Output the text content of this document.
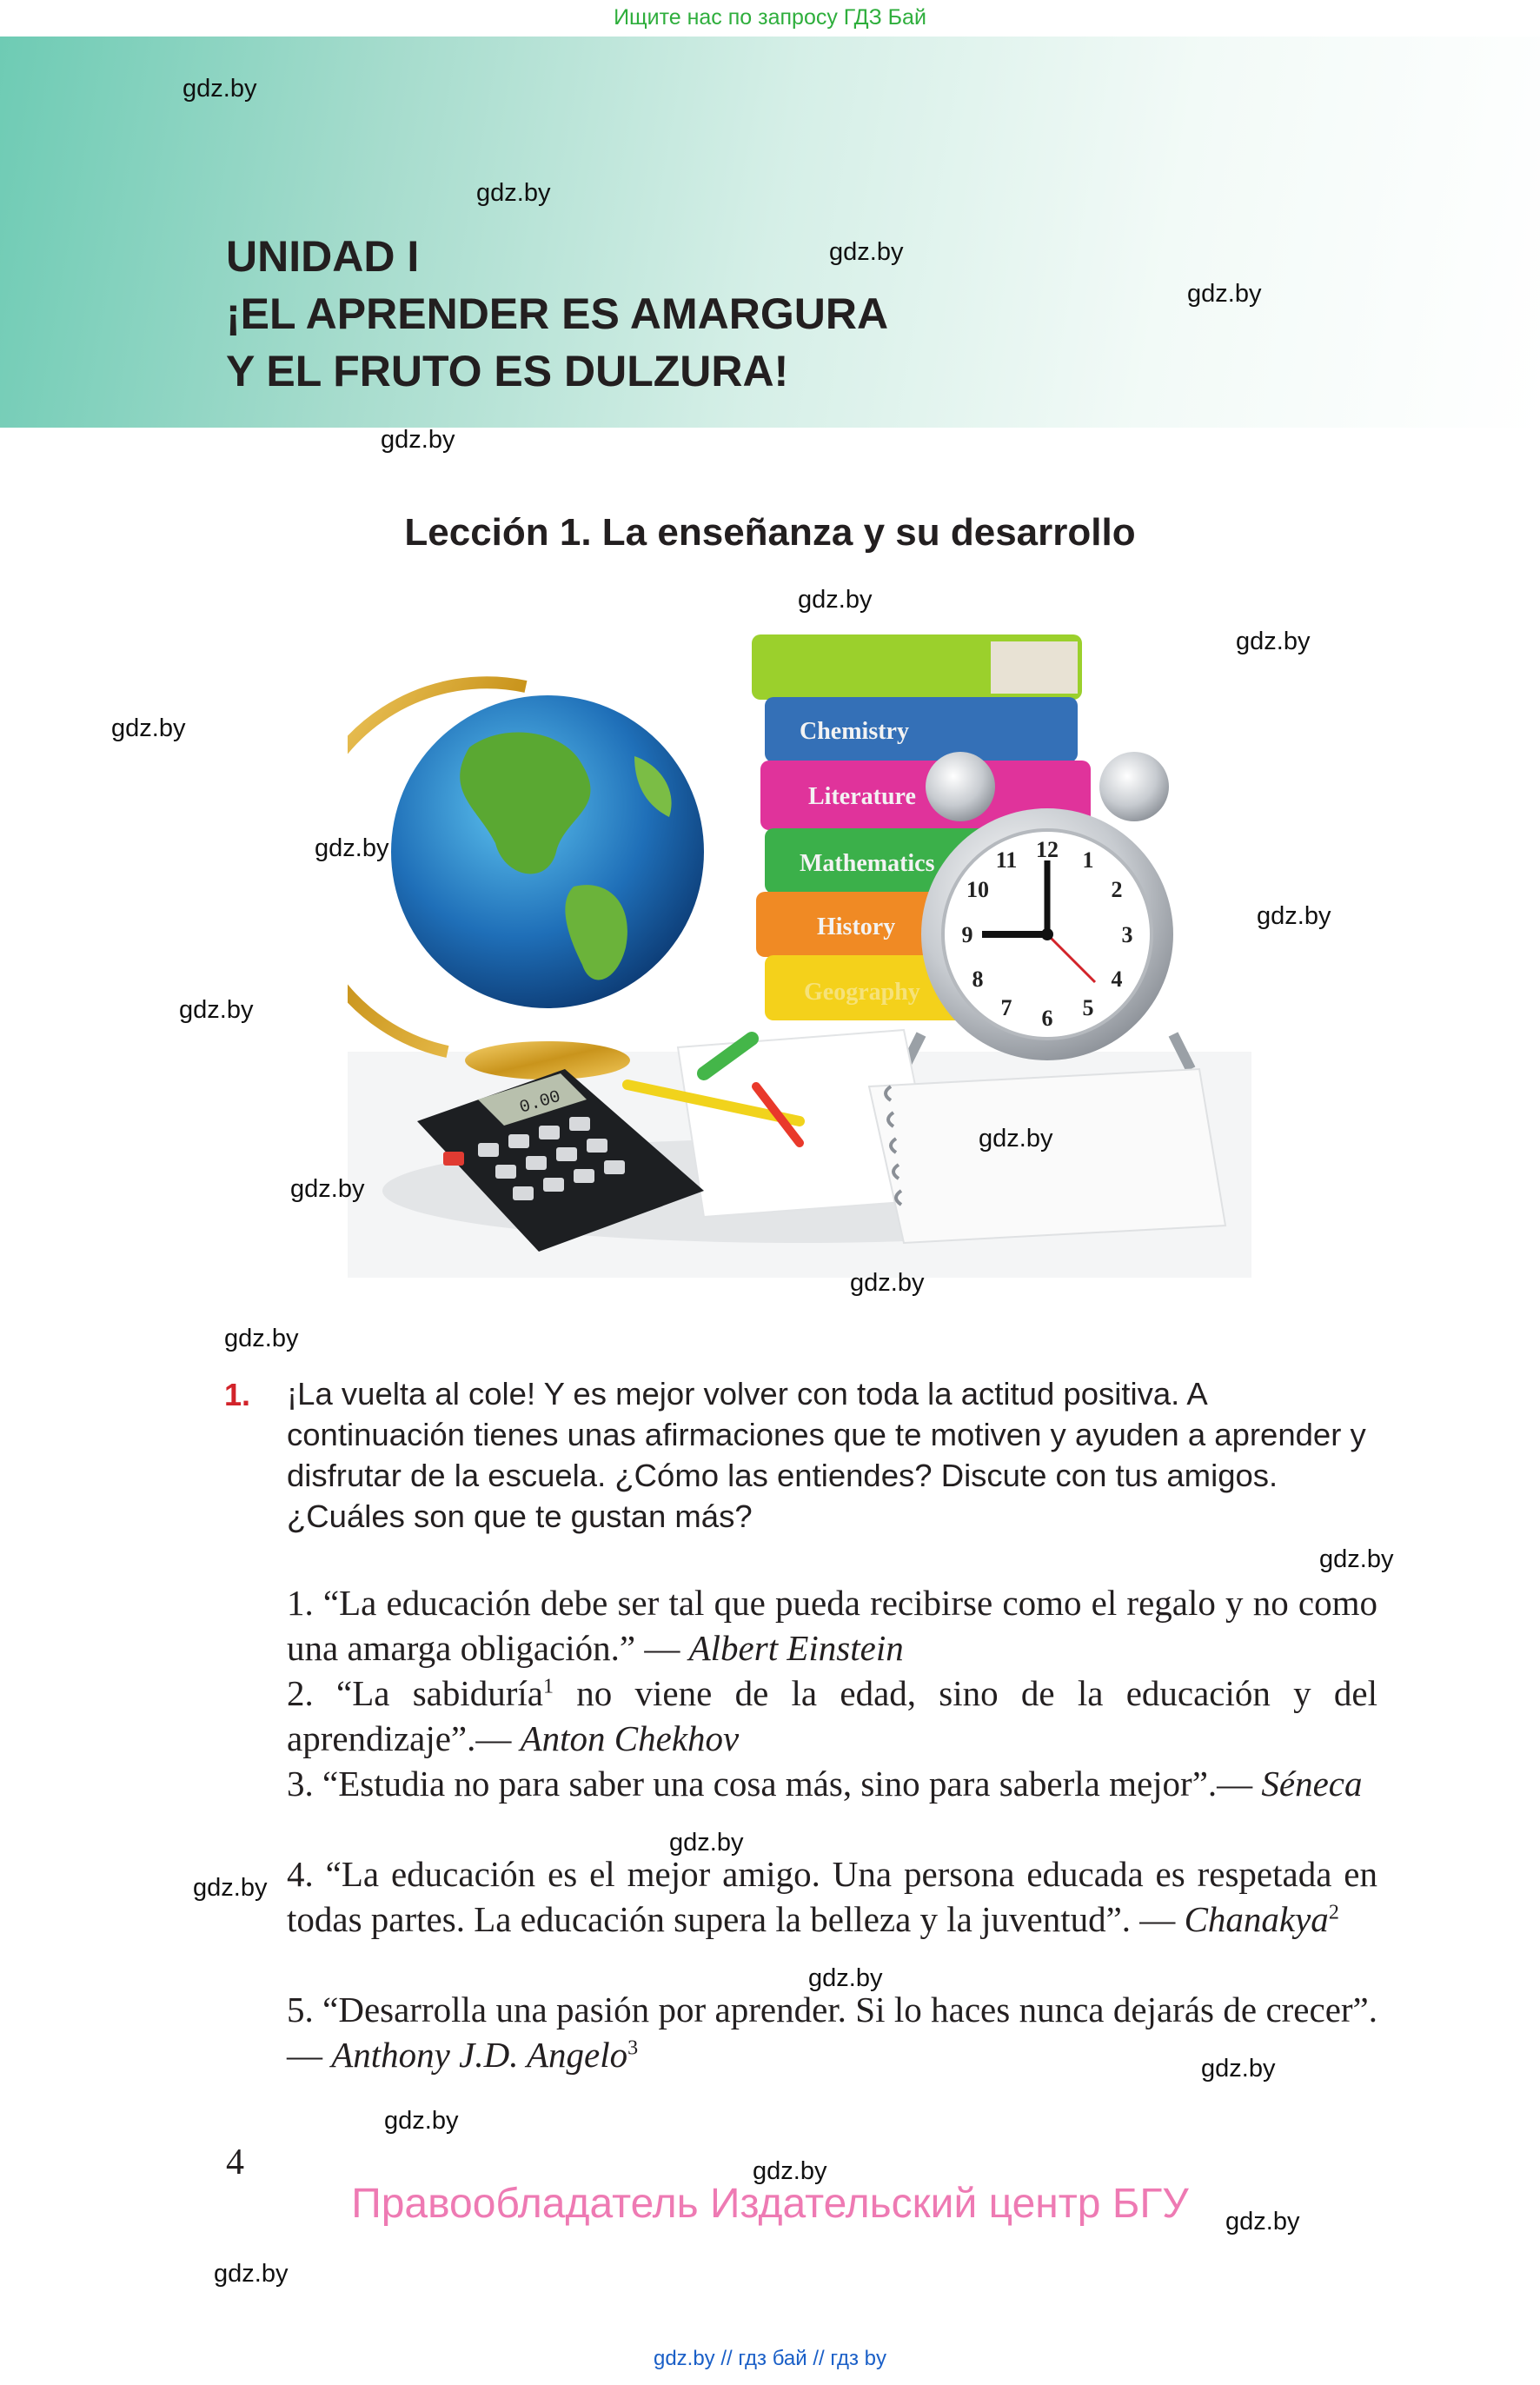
Ищите нас по запросу ГДЗ Бай
UNIDAD I
¡EL APRENDER ES AMARGURA
Y EL FRUTO ES DULZURA!
Lección 1. La enseñanza y su desarrollo
Chemistry
Literature
Mathematics
History
Geography
12 1
2
3
4
5
6
7
8
9
10
11
0.00
1. ¡La vuelta al cole! Y es mejor volver con toda la actitud positiva. A continuación tienes unas afirmaciones que te motiven y ayuden a aprender y disfrutar de la escuela. ¿Cómo las entiendes? Discute con tus amigos. ¿Cuáles son que te gustan más?
1. “La educación debe ser tal que pueda recibirse como el regalo y no como una amarga obligación.” — Albert Einstein
2. “La sabiduría$^1$ no viene de la edad, sino de la educación y del aprendizaje”.— Anton Chekhov
3. “Estudia no para saber una cosa más, sino para saberla mejor”.— Séneca
4. “La educación es el mejor amigo. Una persona educada es respetada en todas partes. La educación supera la belleza y la juventud”. — Chanakya$^2$
5. “Desarrolla una pasión por aprender. Si lo haces nunca dejarás de crecer”. — Anthony J.D. Angelo$^3$
4
Правообладатель Издательский центр БГУ
gdz.by // гдз бай // гдз by
gdz.by
gdz.by
gdz.by
gdz.by
gdz.by
gdz.by
gdz.by
gdz.by
gdz.by
gdz.by
gdz.by
gdz.by
gdz.by
gdz.by
gdz.by
gdz.by
gdz.by
gdz.by
gdz.by
gdz.by
gdz.by
gdz.by
gdz.by
gdz.by
